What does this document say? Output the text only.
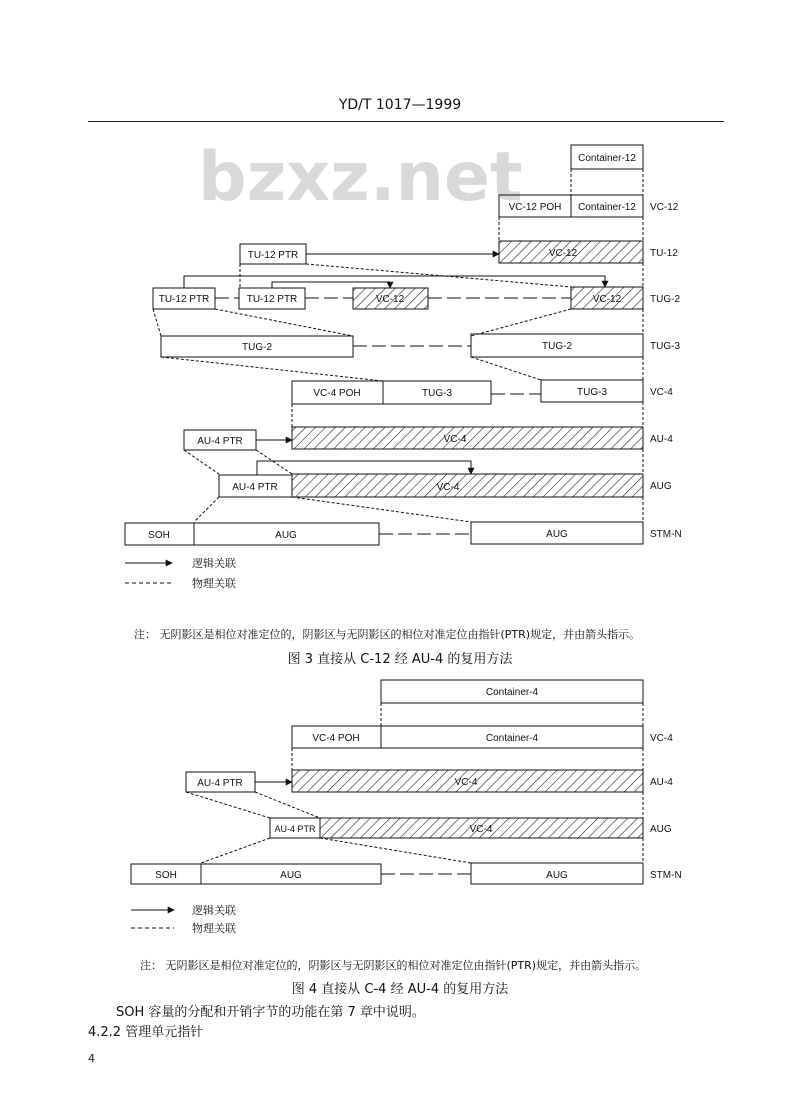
YD/T 1017—1999
bzxz.net	Container-12
VC-12 POH Container-12 VC-12
TU-12 PTR	VC-12	TU-12
TU-12 PTR	TU-12 PTR	VC-12	VC-12	TUG-2
TUG-2	TUG-2	TUG-3
VC-4 POH	TUG-3	TUG-3	VC-4
AU-4 PTR	VC-4	AU-4
AU-4 PTR	VC-4	AUG
SOH	AUG	AUG	STM-N
逻辑关联
物理关联
注： 无阴影区是相位对准定位的，阴影区与无阴影区的相位对准定位由指针(PTR)规定，并由箭头指示。
图 3 直接从 C-12 经 AU-4 的复用方法
Container-4
VC-4 POH	Container-4	VC-4
AU-4 PTR	VC-4	AU-4
AU-4 PTR	VC-4	AUG
SOH	AUG	AUG	STM-N
逻辑关联
物理关联
注： 无阴影区是相位对准定位的，阴影区与无阴影区的相位对准定位由指针(PTR)规定，并由箭头指示。
图 4 直接从 C-4 经 AU-4 的复用方法
SOH 容量的分配和开销字节的功能在第 7 章中说明。
4.2.2 管理单元指针
4
